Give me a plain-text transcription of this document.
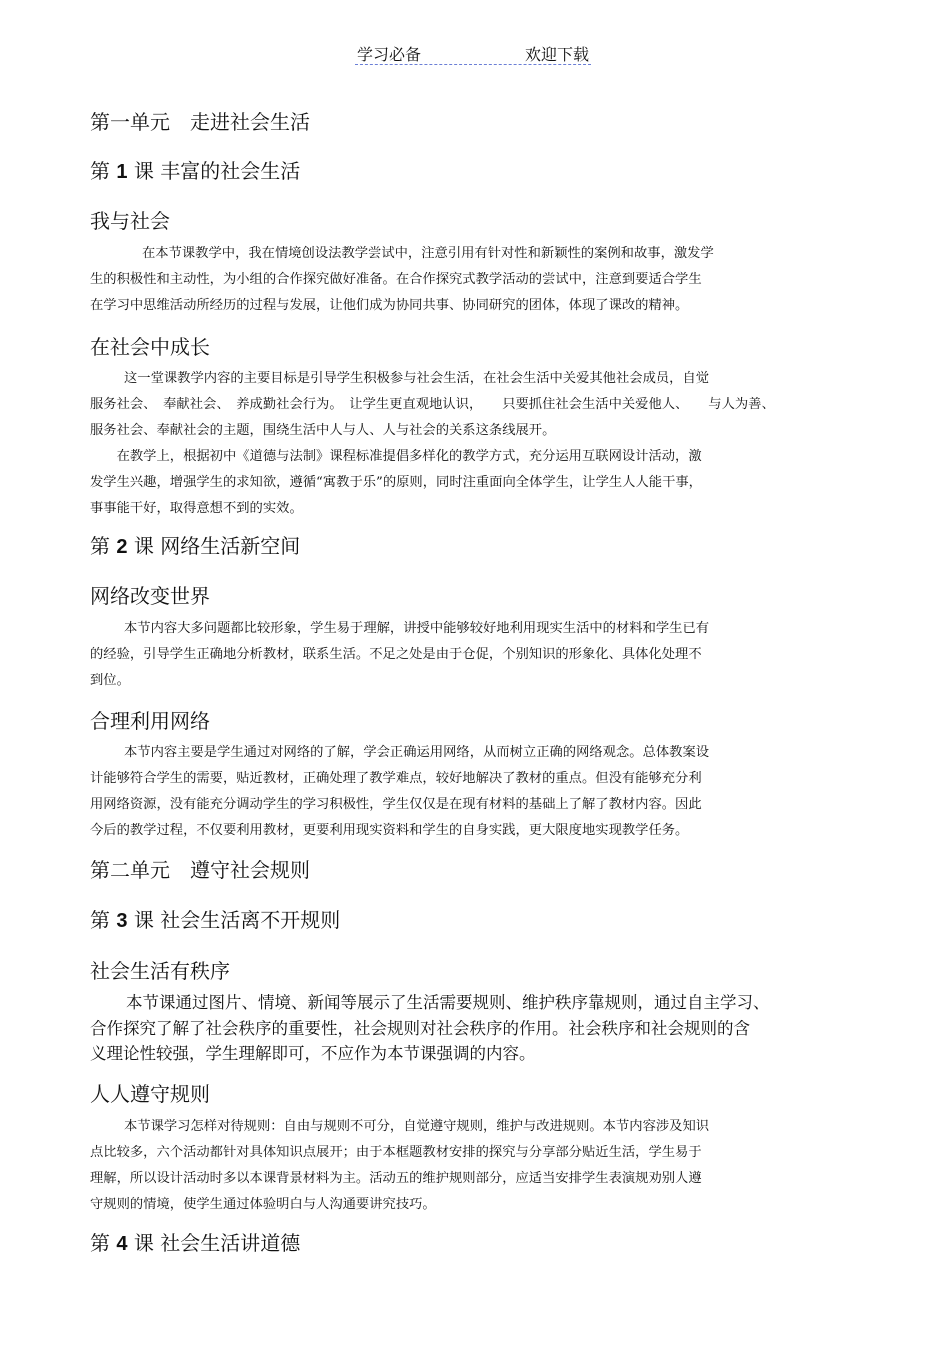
学习必备	欢迎下载
第一单元　走进社会生活
第 1 课 丰富的社会生活
我与社会
在本节课教学中，我在情境创设法教学尝试中，注意引用有针对性和新颖性的案例和故事，激发学
生的积极性和主动性，为小组的合作探究做好准备。在合作探究式教学活动的尝试中，注意到要适合学生
在学习中思维活动所经历的过程与发展，让他们成为协同共事、协同研究的团体，体现了课改的精神。
在社会中成长
这一堂课教学内容的主要目标是引导学生积极参与社会生活，在社会生活中关爱其他社会成员，自觉
服务社会、　奉献社会、　养成勤社会行为。　让学生更直观地认识，　　只要抓住社会生活中关爱他人、　　与人为善、
服务社会、奉献社会的主题，围绕生活中人与人、人与社会的关系这条线展开。
　　在教学上，根据初中《道德与法制》课程标准提倡多样化的教学方式，充分运用互联网设计活动，激
发学生兴趣，增强学生的求知欲，遵循“寓教于乐”的原则，同时注重面向全体学生，让学生人人能干事，
事事能干好，取得意想不到的实效。
第 2 课 网络生活新空间
网络改变世界
本节内容大多问题都比较形象，学生易于理解，讲授中能够较好地利用现实生活中的材料和学生已有
的经验，引导学生正确地分析教材，联系生活。不足之处是由于仓促，个别知识的形象化、具体化处理不
到位。
合理利用网络
本节内容主要是学生通过对网络的了解，学会正确运用网络，从而树立正确的网络观念。总体教案设
计能够符合学生的需要，贴近教材，正确处理了教学难点，较好地解决了教材的重点。但没有能够充分利
用网络资源，没有能充分调动学生的学习积极性，学生仅仅是在现有材料的基础上了解了教材内容。因此
今后的教学过程，不仅要利用教材，更要利用现实资料和学生的自身实践，更大限度地实现教学任务。
第二单元　遵守社会规则
第 3 课 社会生活离不开规则
社会生活有秩序
本节课通过图片、情境、新闻等展示了生活需要规则、维护秩序靠规则，通过自主学习、
合作探究了解了社会秩序的重要性，社会规则对社会秩序的作用。社会秩序和社会规则的含
义理论性较强，学生理解即可，不应作为本节课强调的内容。
人人遵守规则
本节课学习怎样对待规则：自由与规则不可分，自觉遵守规则，维护与改进规则。本节内容涉及知识
点比较多，六个活动都针对具体知识点展开；由于本框题教材安排的探究与分享部分贴近生活，学生易于
理解，所以设计活动时多以本课背景材料为主。活动五的维护规则部分，应适当安排学生表演规劝别人遵
守规则的情境，使学生通过体验明白与人沟通要讲究技巧。
第 4 课 社会生活讲道德
